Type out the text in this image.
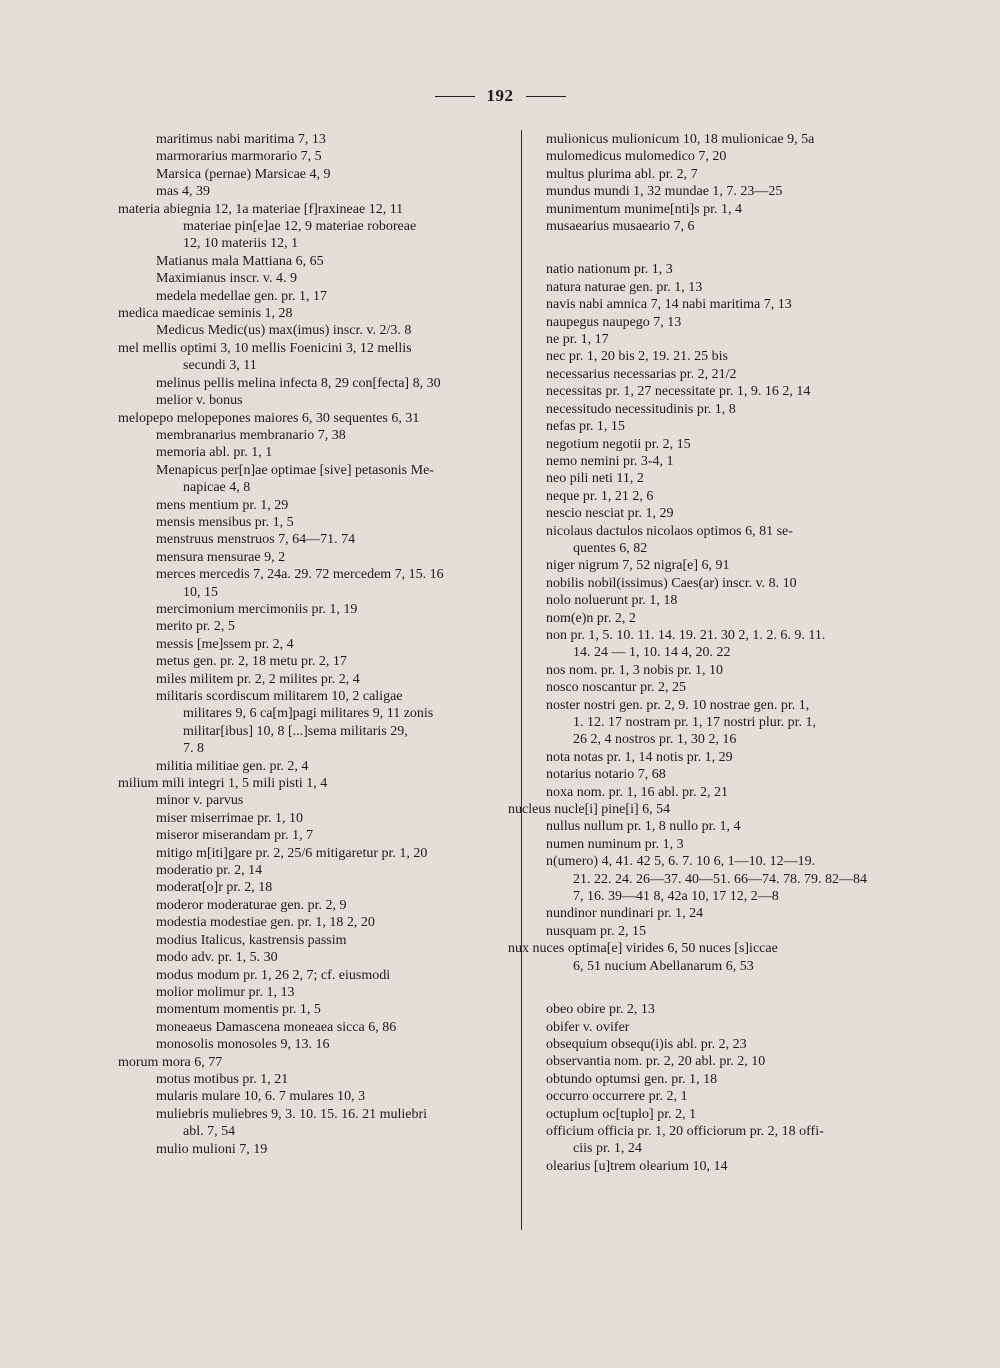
192
maritimus nabi maritima 7, 13
marmorarius marmorario 7, 5
Marsica (pernae) Marsicae 4, 9
mas 4, 39
materia abiegnia 12, 1a materiae [f]raxineae 12, 11
materiae pin[e]ae 12, 9 materiae roboreae
12, 10 materiis 12, 1
Matianus mala Mattiana 6, 65
Maximianus inscr. v. 4. 9
medela medellae gen. pr. 1, 17
medica maedicae seminis 1, 28
Medicus Medic(us) max(imus) inscr. v. 2/3. 8
mel mellis optimi 3, 10 mellis Foenicini 3, 12 mellis
secundi 3, 11
melinus pellis melina infecta 8, 29 con[fecta] 8, 30
melior v. bonus
melopepo melopepones maiores 6, 30 sequentes 6, 31
membranarius membranario 7, 38
memoria abl. pr. 1, 1
Menapicus per[n]ae optimae [sive] petasonis Me-
napicae 4, 8
mens mentium pr. 1, 29
mensis mensibus pr. 1, 5
menstruus menstruos 7, 64—71. 74
mensura mensurae 9, 2
merces mercedis 7, 24a. 29. 72 mercedem 7, 15. 16
10, 15
mercimonium mercimoniis pr. 1, 19
merito pr. 2, 5
messis [me]ssem pr. 2, 4
metus gen. pr. 2, 18 metu pr. 2, 17
miles militem pr. 2, 2 milites pr. 2, 4
militaris scordiscum militarem 10, 2 caligae
militares 9, 6 ca[m]pagi militares 9, 11 zonis
militar[ibus] 10, 8 [...]sema militaris 29,
7. 8
militia militiae gen. pr. 2, 4
milium mili integri 1, 5 mili pisti 1, 4
minor v. parvus
miser miserrimae pr. 1, 10
miseror miserandam pr. 1, 7
mitigo m[iti]gare pr. 2, 25/6 mitigaretur pr. 1, 20
moderatio pr. 2, 14
moderat[o]r pr. 2, 18
moderor moderaturae gen. pr. 2, 9
modestia modestiae gen. pr. 1, 18 2, 20
modius Italicus, kastrensis passim
modo adv. pr. 1, 5. 30
modus modum pr. 1, 26 2, 7; cf. eiusmodi
molior molimur pr. 1, 13
momentum momentis pr. 1, 5
moneaeus Damascena moneaea sicca 6, 86
monosolis monosoles 9, 13. 16
morum mora 6, 77
motus motibus pr. 1, 21
mularis mulare 10, 6. 7 mulares 10, 3
muliebris muliebres 9, 3. 10. 15. 16. 21 muliebri
abl. 7, 54
mulio mulioni 7, 19
mulionicus mulionicum 10, 18 mulionicae 9, 5a
mulomedicus mulomedico 7, 20
multus plurima abl. pr. 2, 7
mundus mundi 1, 32 mundae 1, 7. 23—25
munimentum munime[nti]s pr. 1, 4
musaearius musaeario 7, 6
natio nationum pr. 1, 3
natura naturae gen. pr. 1, 13
navis nabi amnica 7, 14 nabi maritima 7, 13
naupegus naupego 7, 13
ne pr. 1, 17
nec pr. 1, 20 bis 2, 19. 21. 25 bis
necessarius necessarias pr. 2, 21/2
necessitas pr. 1, 27 necessitate pr. 1, 9. 16 2, 14
necessitudo necessitudinis pr. 1, 8
nefas pr. 1, 15
negotium negotii pr. 2, 15
nemo nemini pr. 3-4, 1
neo pili neti 11, 2
neque pr. 1, 21 2, 6
nescio nesciat pr. 1, 29
nicolaus dactulos nicolaos optimos 6, 81 se-
quentes 6, 82
niger nigrum 7, 52 nigra[e] 6, 91
nobilis nobil(issimus) Caes(ar) inscr. v. 8. 10
nolo noluerunt pr. 1, 18
nom(e)n pr. 2, 2
non pr. 1, 5. 10. 11. 14. 19. 21. 30 2, 1. 2. 6. 9. 11.
14. 24 — 1, 10. 14 4, 20. 22
nos nom. pr. 1, 3 nobis pr. 1, 10
nosco noscantur pr. 2, 25
noster nostri gen. pr. 2, 9. 10 nostrae gen. pr. 1,
1. 12. 17 nostram pr. 1, 17 nostri plur. pr. 1,
26 2, 4 nostros pr. 1, 30 2, 16
nota notas pr. 1, 14 notis pr. 1, 29
notarius notario 7, 68
noxa nom. pr. 1, 16 abl. pr. 2, 21
nucleus nucle[i] pine[i] 6, 54
nullus nullum pr. 1, 8 nullo pr. 1, 4
numen numinum pr. 1, 3
n(umero) 4, 41. 42 5, 6. 7. 10 6, 1—10. 12—19.
21. 22. 24. 26—37. 40—51. 66—74. 78. 79. 82—84
7, 16. 39—41 8, 42a 10, 17 12, 2—8
nundinor nundinari pr. 1, 24
nusquam pr. 2, 15
nux nuces optima[e] virides 6, 50 nuces [s]iccae
6, 51 nucium Abellanarum 6, 53
obeo obire pr. 2, 13
obifer v. ovifer
obsequium obsequ(i)is abl. pr. 2, 23
observantia nom. pr. 2, 20 abl. pr. 2, 10
obtundo optumsi gen. pr. 1, 18
occurro occurrere pr. 2, 1
octuplum oc[tuplo] pr. 2, 1
officium officia pr. 1, 20 officiorum pr. 2, 18 offi-
ciis pr. 1, 24
olearius [u]trem olearium 10, 14
